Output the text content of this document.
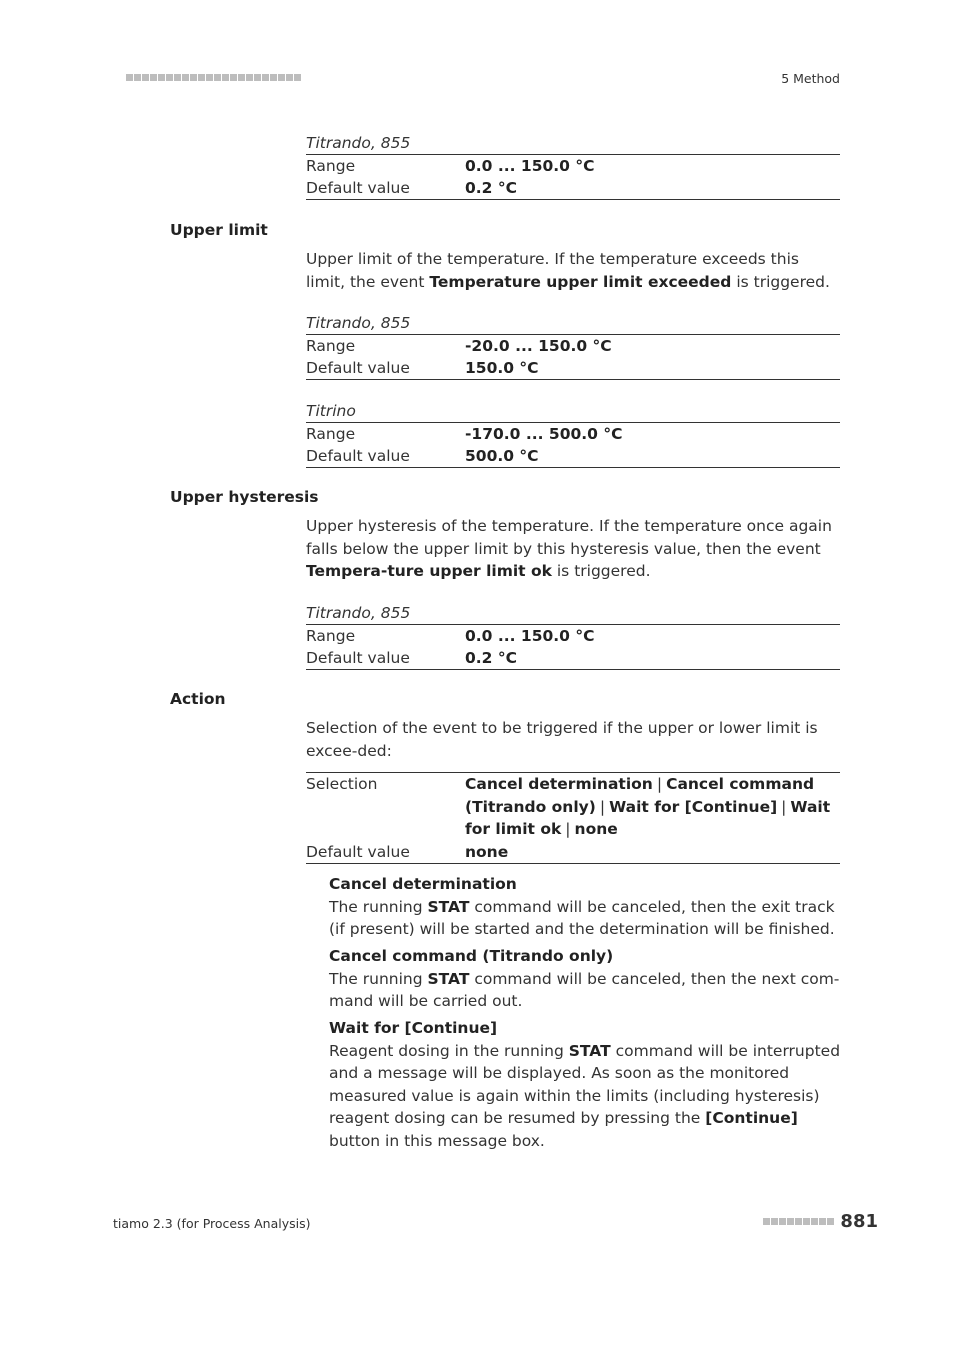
5 Method
Titrando, 855
Range	0.0 ... 150.0 °C
Default value	0.2 °C
Upper limit
Upper limit of the temperature. If the temperature exceeds this limit, the event Temperature upper limit exceeded is triggered.
Titrando, 855
Range	-20.0 ... 150.0 °C
Default value	150.0 °C
Titrino
Range	-170.0 ... 500.0 °C
Default value	500.0 °C
Upper hysteresis
Upper hysteresis of the temperature. If the temperature once again falls below the upper limit by this hysteresis value, then the event Tempera-ture upper limit ok is triggered.
Titrando, 855
Range	0.0 ... 150.0 °C
Default value	0.2 °C
Action
Selection of the event to be triggered if the upper or lower limit is excee-ded:
Selection	Cancel determination | Cancel command (Titrando only) | Wait for [Continue] | Wait for limit ok | none
Default value	none
Cancel determination
The running STAT command will be canceled, then the exit track (if present) will be started and the determination will be finished.
Cancel command (Titrando only)
The running STAT command will be canceled, then the next com-mand will be carried out.
Wait for [Continue]
Reagent dosing in the running STAT command will be interrupted and a message will be displayed. As soon as the monitored measured value is again within the limits (including hysteresis) reagent dosing can be resumed by pressing the [Continue] button in this message box.
tiamo 2.3 (for Process Analysis)	881
